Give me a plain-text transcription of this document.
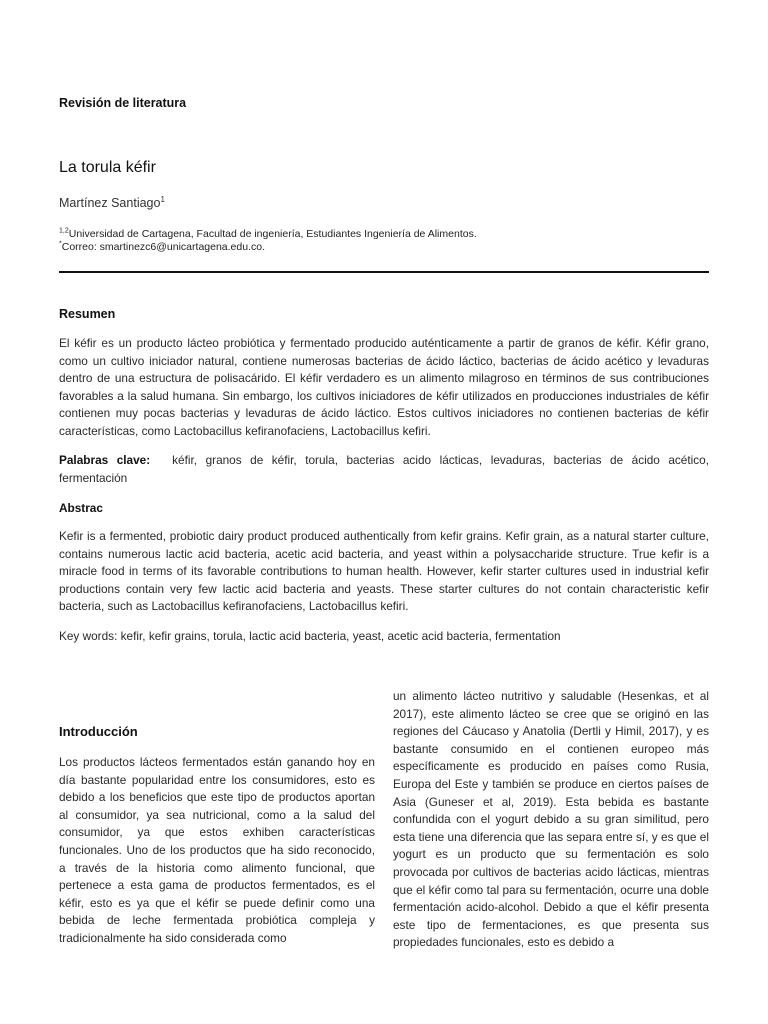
Revisión de literatura
La torula kéfir
Martínez Santiago$^1$
$^{1,2}$Universidad de Cartagena, Facultad de ingeniería, Estudiantes Ingeniería de Alimentos.
*Correo: smartinezc6@unicartagena.edu.co.
Resumen
El kéfir es un producto lácteo probiótica y fermentado producido auténticamente a partir de granos de kéfir. Kéfir grano, como un cultivo iniciador natural, contiene numerosas bacterias de ácido láctico, bacterias de ácido acético y levaduras dentro de una estructura de polisacárido. El kéfir verdadero es un alimento milagroso en términos de sus contribuciones favorables a la salud humana. Sin embargo, los cultivos iniciadores de kéfir utilizados en producciones industriales de kéfir contienen muy pocas bacterias y levaduras de ácido láctico. Estos cultivos iniciadores no contienen bacterias de kéfir características, como Lactobacillus kefiranofaciens, Lactobacillus kefiri.
Palabras clave: kéfir, granos de kéfir, torula, bacterias acido lácticas, levaduras, bacterias de ácido acético, fermentación
Abstrac
Kefir is a fermented, probiotic dairy product produced authentically from kefir grains. Kefir grain, as a natural starter culture, contains numerous lactic acid bacteria, acetic acid bacteria, and yeast within a polysaccharide structure. True kefir is a miracle food in terms of its favorable contributions to human health. However, kefir starter cultures used in industrial kefir productions contain very few lactic acid bacteria and yeasts. These starter cultures do not contain characteristic kefir bacteria, such as Lactobacillus kefiranofaciens, Lactobacillus kefiri.
Key words: kefir, kefir grains, torula, lactic acid bacteria, yeast, acetic acid bacteria, fermentation
Introducción
Los productos lácteos fermentados están ganando hoy en día bastante popularidad entre los consumidores, esto es debido a los beneficios que este tipo de productos aportan al consumidor, ya sea nutricional, como a la salud del consumidor, ya que estos exhiben características funcionales. Uno de los productos que ha sido reconocido, a través de la historia como alimento funcional, que pertenece a esta gama de productos fermentados, es el kéfir, esto es ya que el kéfir se puede definir como una bebida de leche fermentada probiótica compleja y tradicionalmente ha sido considerada como
un alimento lácteo nutritivo y saludable (Hesenkas, et al 2017), este alimento lácteo se cree que se originó en las regiones del Cáucaso y Anatolia (Dertli y Himil, 2017), y es bastante consumido en el contienen europeo más específicamente es producido en países como Rusia, Europa del Este y también se produce en ciertos países de Asia (Guneser et al, 2019). Esta bebida es bastante confundida con el yogurt debido a su gran similitud, pero esta tiene una diferencia que las separa entre sí, y es que el yogurt es un producto que su fermentación es solo provocada por cultivos de bacterias acido lácticas, mientras que el kéfir como tal para su fermentación, ocurre una doble fermentación acido-alcohol. Debido a que el kéfir presenta este tipo de fermentaciones, es que presenta sus propiedades funcionales, esto es debido a
